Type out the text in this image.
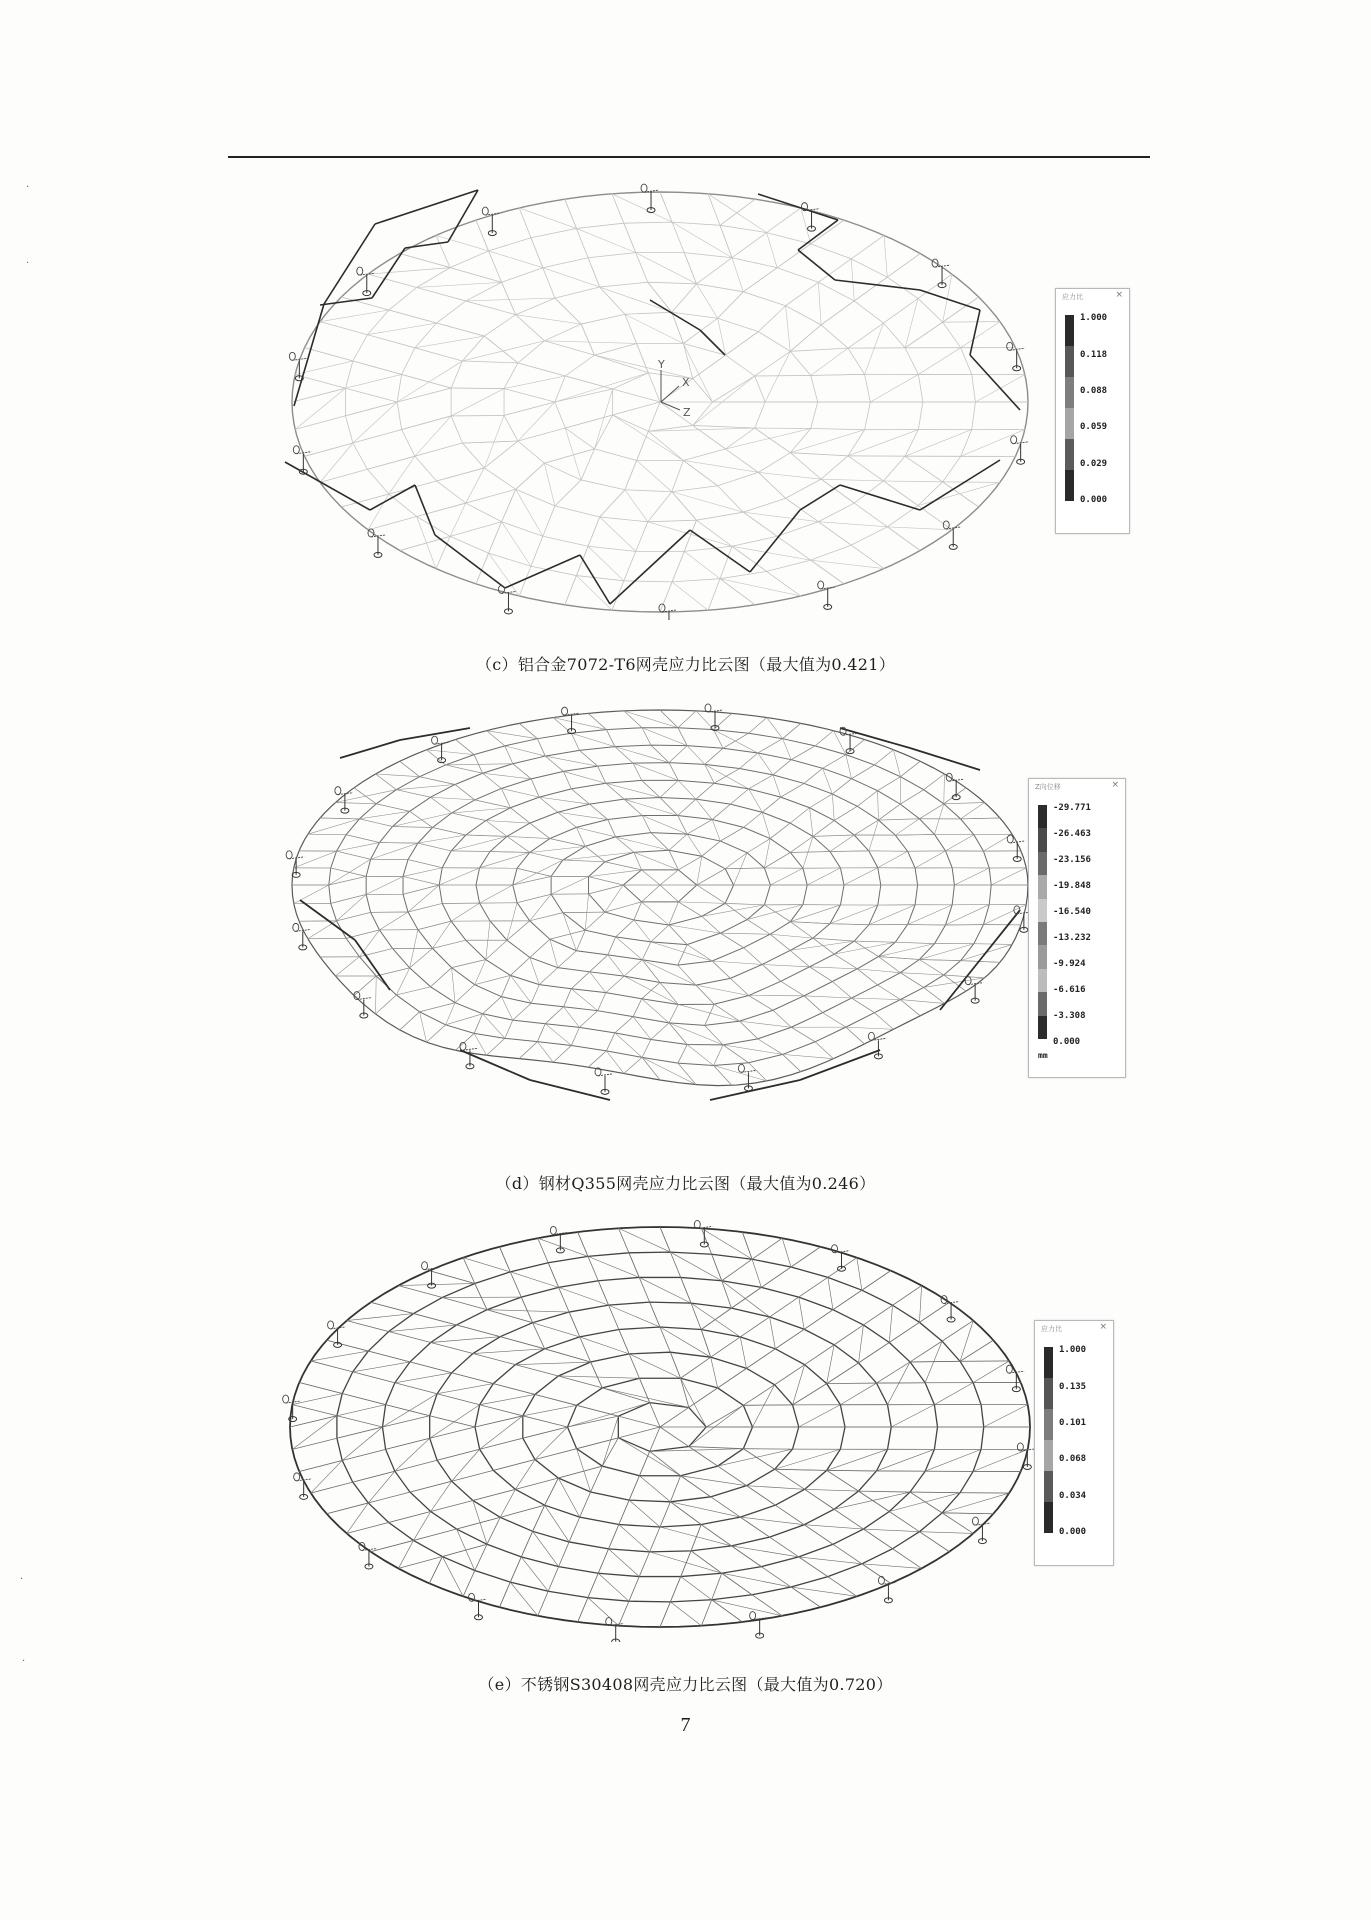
·
·
·
·
Y
X
Z
应力比	×
1.000
0.118
0.088
0.059
0.029
0.000
（c）铝合金7072-T6网壳应力比云图（最大值为0.421）
Z向位移	×
-29.771
-26.463
-23.156
-19.848
-16.540
-13.232
-9.924
-6.616
-3.308
0.000
mm
（d）钢材Q355网壳应力比云图（最大值为0.246）
应力比	×
1.000
0.135
0.101
0.068
0.034
0.000
（e）不锈钢S30408网壳应力比云图（最大值为0.720）
7
